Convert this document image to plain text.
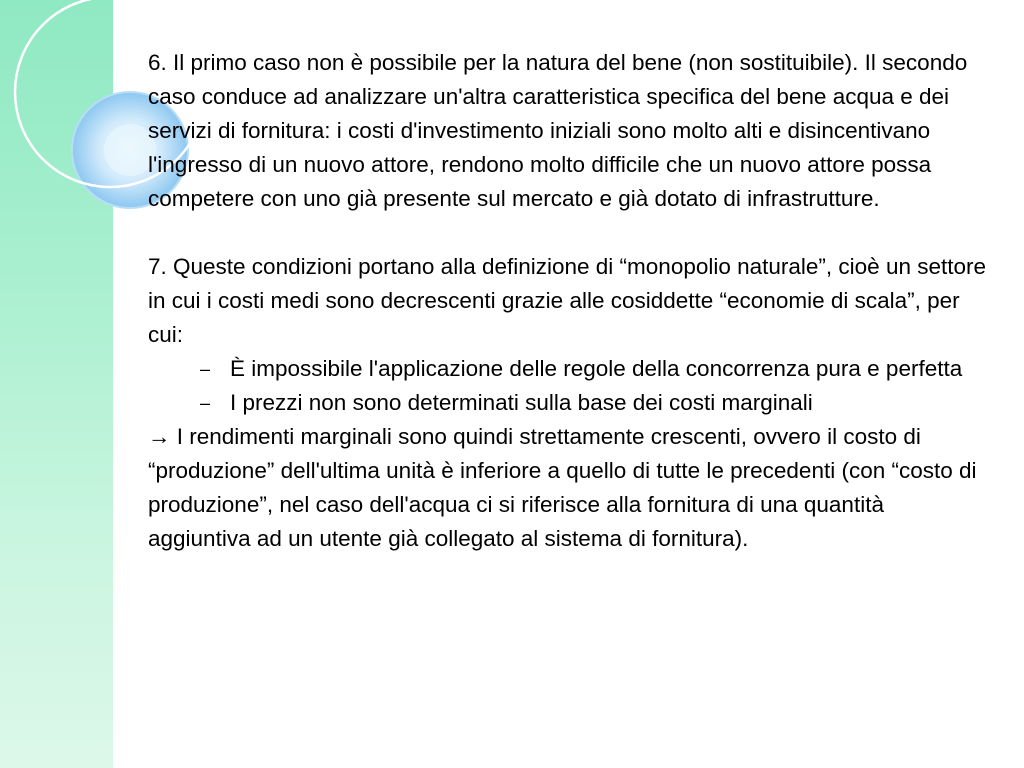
6. Il primo caso non è possibile per la natura del bene (non sostituibile). Il secondo caso conduce ad analizzare un'altra caratteristica specifica del bene acqua e dei servizi di fornitura: i costi d'investimento iniziali sono molto alti e disincentivano l'ingresso di un nuovo attore, rendono molto difficile che un nuovo attore possa competere con uno già presente sul mercato e già dotato di infrastrutture.

7. Queste condizioni portano alla definizione di “monopolio naturale”, cioè un settore in cui i costi medi sono decrescenti grazie alle cosiddette “economie di scala”, per cui:

– È impossibile l'applicazione delle regole della concorrenza pura e perfetta
– I prezzi non sono determinati sulla base dei costi marginali

→ I rendimenti marginali sono quindi strettamente crescenti, ovvero il costo di “produzione” dell'ultima unità è inferiore a quello di tutte le precedenti (con “costo di produzione”, nel caso dell'acqua ci si riferisce alla fornitura di una quantità aggiuntiva ad un utente già collegato al sistema di fornitura).
